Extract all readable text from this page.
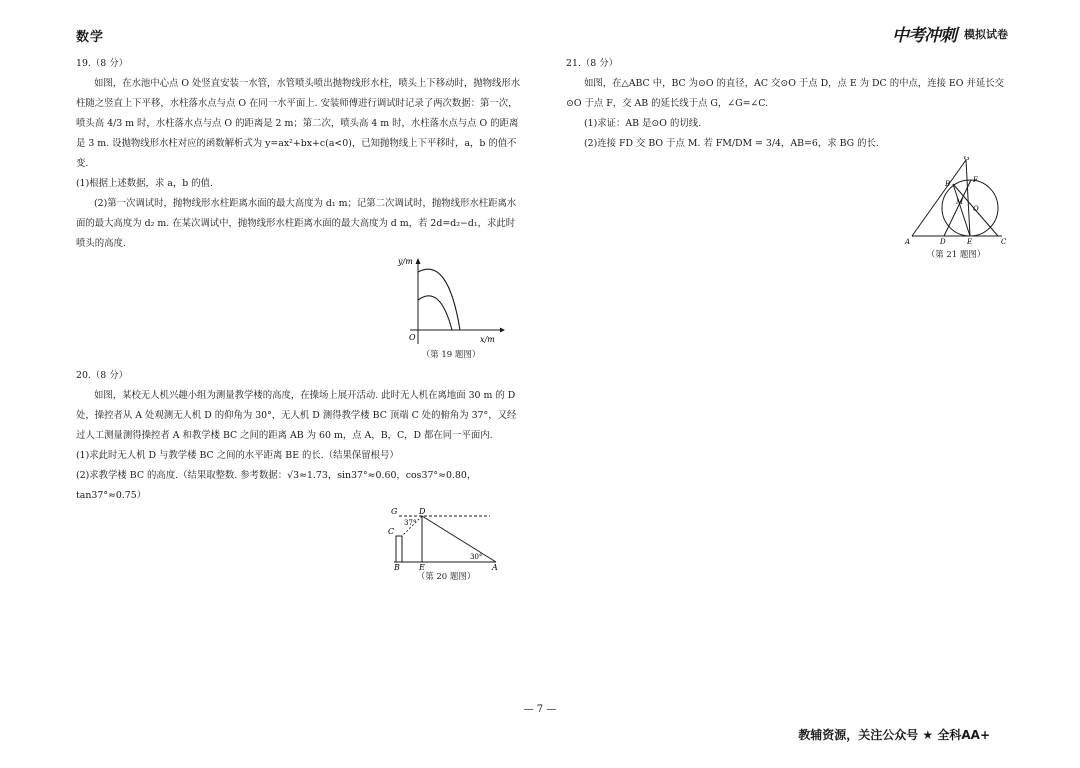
数学	中考冲刺 模拟试卷
19.（8 分）

如图，在水池中心点 O 处竖直安装一水管，水管喷头喷出抛物线形水柱，喷头上下移动时，抛物线形水柱随之竖直上下平移，水柱落水点与点 O 在同一水平面上. 安装师傅进行调试时记录了两次数据：第一次，喷头高 4/3 m 时，水柱落水点与点 O 的距离是 2 m；第二次，喷头高 4 m 时，水柱落水点与点 O 的距离是 3 m. 设抛物线形水柱对应的函数解析式为 y=ax²+bx+c(a<0)，已知抛物线上下平移时，a，b 的值不变.

(1)根据上述数据，求 a，b 的值.

(2)第一次调试时，抛物线形水柱距离水面的最大高度为 d₁ m；记第二次调试时，抛物线形水柱距离水面的最大高度为 d₂ m. 在某次调试中，抛物线形水柱距离水面的最大高度为 d m，若 2d=d₂−d₁，求此时喷头的高度.

y/m
x/m
O
（第 19 题图）
20.（8 分）

如图，某校无人机兴趣小组为测量教学楼的高度，在操场上展开活动. 此时无人机在离地面 30 m 的 D 处，操控者从 A 处观测无人机 D 的仰角为 30°，无人机 D 测得教学楼 BC 顶端 C 处的俯角为 37°，又经过人工测量测得操控者 A 和教学楼 BC 之间的距离 AB 为 60 m，点 A，B，C，D 都在同一平面内.

(1)求此时无人机 D 与教学楼 BC 之间的水平距离 BE 的长.（结果保留根号）

(2)求教学楼 BC 的高度.（结果取整数. 参考数据：√3≈1.73，sin37°≈0.60，cos37°≈0.80，tan37°≈0.75）

G	D
C
B E	A
37°
30°
（第 20 题图）
21.（8 分）

如图，在△ABC 中，BC 为⊙O 的直径，AC 交⊙O 于点 D，点 E 为 DC 的中点，连接 EO 并延长交⊙O 于点 F，交 AB 的延长线于点 G，∠G=∠C.

(1)求证：AB 是⊙O 的切线.

(2)连接 FD 交 BO 于点 M. 若 FM/DM = 3/4，AB=6，求 BG 的长.

G
B	F
M
O
A	D	E	C
（第 21 题图）
— 7 —
教辅资源，关注公众号 ★ 全科AA+
